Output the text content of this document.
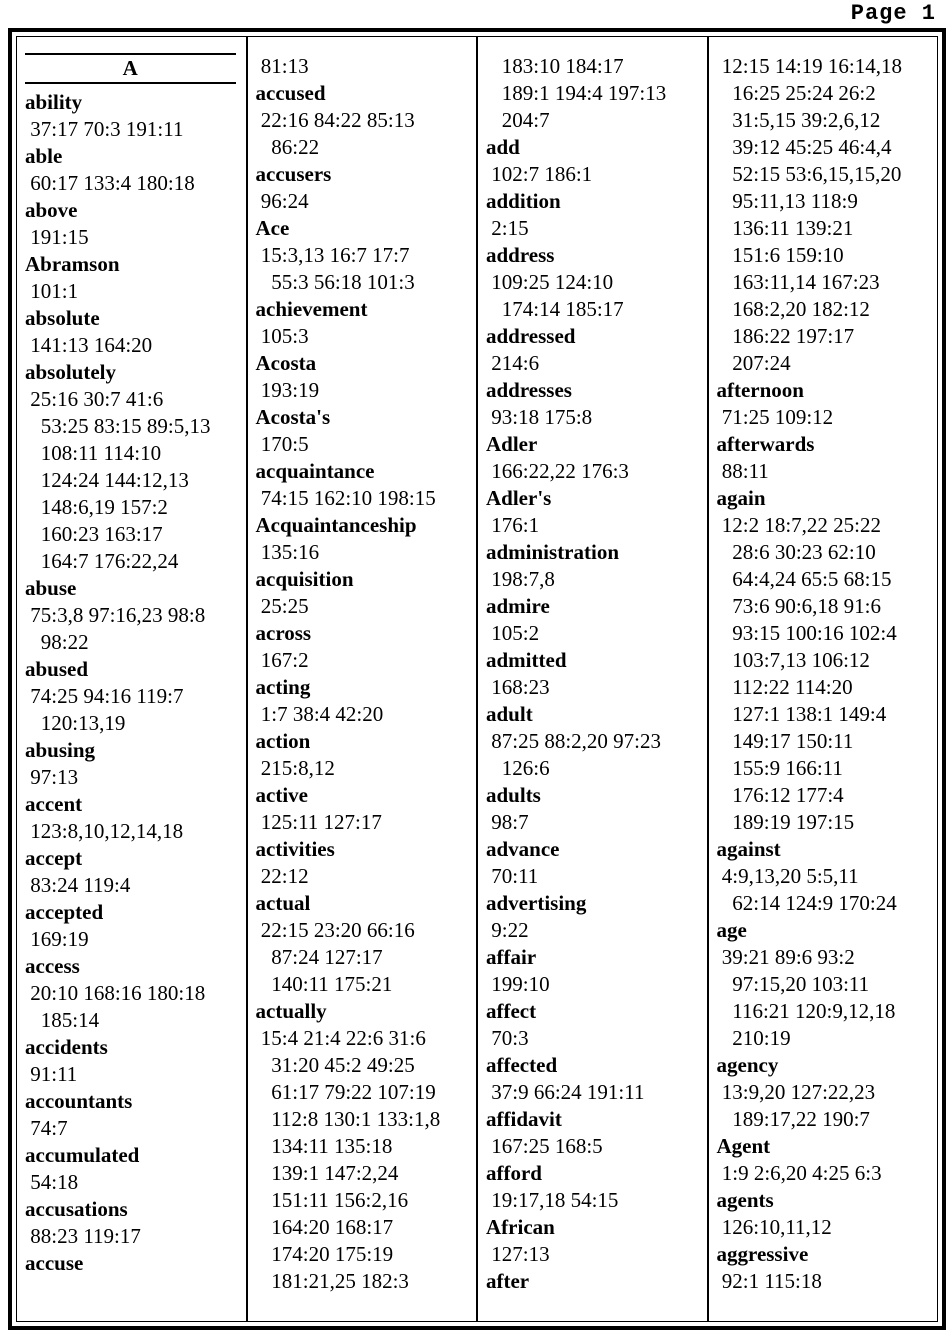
Page 1
A
ability
37:17 70:3 191:11
able
60:17 133:4 180:18
above
191:15
Abramson
101:1
absolute
141:13 164:20
absolutely
25:16 30:7 41:6
53:25 83:15 89:5,13
108:11 114:10
124:24 144:12,13
148:6,19 157:2
160:23 163:17
164:7 176:22,24
abuse
75:3,8 97:16,23 98:8
98:22
abused
74:25 94:16 119:7
120:13,19
abusing
97:13
accent
123:8,10,12,14,18
accept
83:24 119:4
accepted
169:19
access
20:10 168:16 180:18
185:14
accidents
91:11
accountants
74:7
accumulated
54:18
accusations
88:23 119:17
accuse
81:13
accused
22:16 84:22 85:13
86:22
accusers
96:24
Ace
15:3,13 16:7 17:7
55:3 56:18 101:3
achievement
105:3
Acosta
193:19
Acosta's
170:5
acquaintance
74:15 162:10 198:15
Acquaintanceship
135:16
acquisition
25:25
across
167:2
acting
1:7 38:4 42:20
action
215:8,12
active
125:11 127:17
activities
22:12
actual
22:15 23:20 66:16
87:24 127:17
140:11 175:21
actually
15:4 21:4 22:6 31:6
31:20 45:2 49:25
61:17 79:22 107:19
112:8 130:1 133:1,8
134:11 135:18
139:1 147:2,24
151:11 156:2,16
164:20 168:17
174:20 175:19
181:21,25 182:3
183:10 184:17
189:1 194:4 197:13
204:7
add
102:7 186:1
addition
2:15
address
109:25 124:10
174:14 185:17
addressed
214:6
addresses
93:18 175:8
Adler
166:22,22 176:3
Adler's
176:1
administration
198:7,8
admire
105:2
admitted
168:23
adult
87:25 88:2,20 97:23
126:6
adults
98:7
advance
70:11
advertising
9:22
affair
199:10
affect
70:3
affected
37:9 66:24 191:11
affidavit
167:25 168:5
afford
19:17,18 54:15
African
127:13
after
12:15 14:19 16:14,18
16:25 25:24 26:2
31:5,15 39:2,6,12
39:12 45:25 46:4,4
52:15 53:6,15,15,20
95:11,13 118:9
136:11 139:21
151:6 159:10
163:11,14 167:23
168:2,20 182:12
186:22 197:17
207:24
afternoon
71:25 109:12
afterwards
88:11
again
12:2 18:7,22 25:22
28:6 30:23 62:10
64:4,24 65:5 68:15
73:6 90:6,18 91:6
93:15 100:16 102:4
103:7,13 106:12
112:22 114:20
127:1 138:1 149:4
149:17 150:11
155:9 166:11
176:12 177:4
189:19 197:15
against
4:9,13,20 5:5,11
62:14 124:9 170:24
age
39:21 89:6 93:2
97:15,20 103:11
116:21 120:9,12,18
210:19
agency
13:9,20 127:22,23
189:17,22 190:7
Agent
1:9 2:6,20 4:25 6:3
agents
126:10,11,12
aggressive
92:1 115:18
